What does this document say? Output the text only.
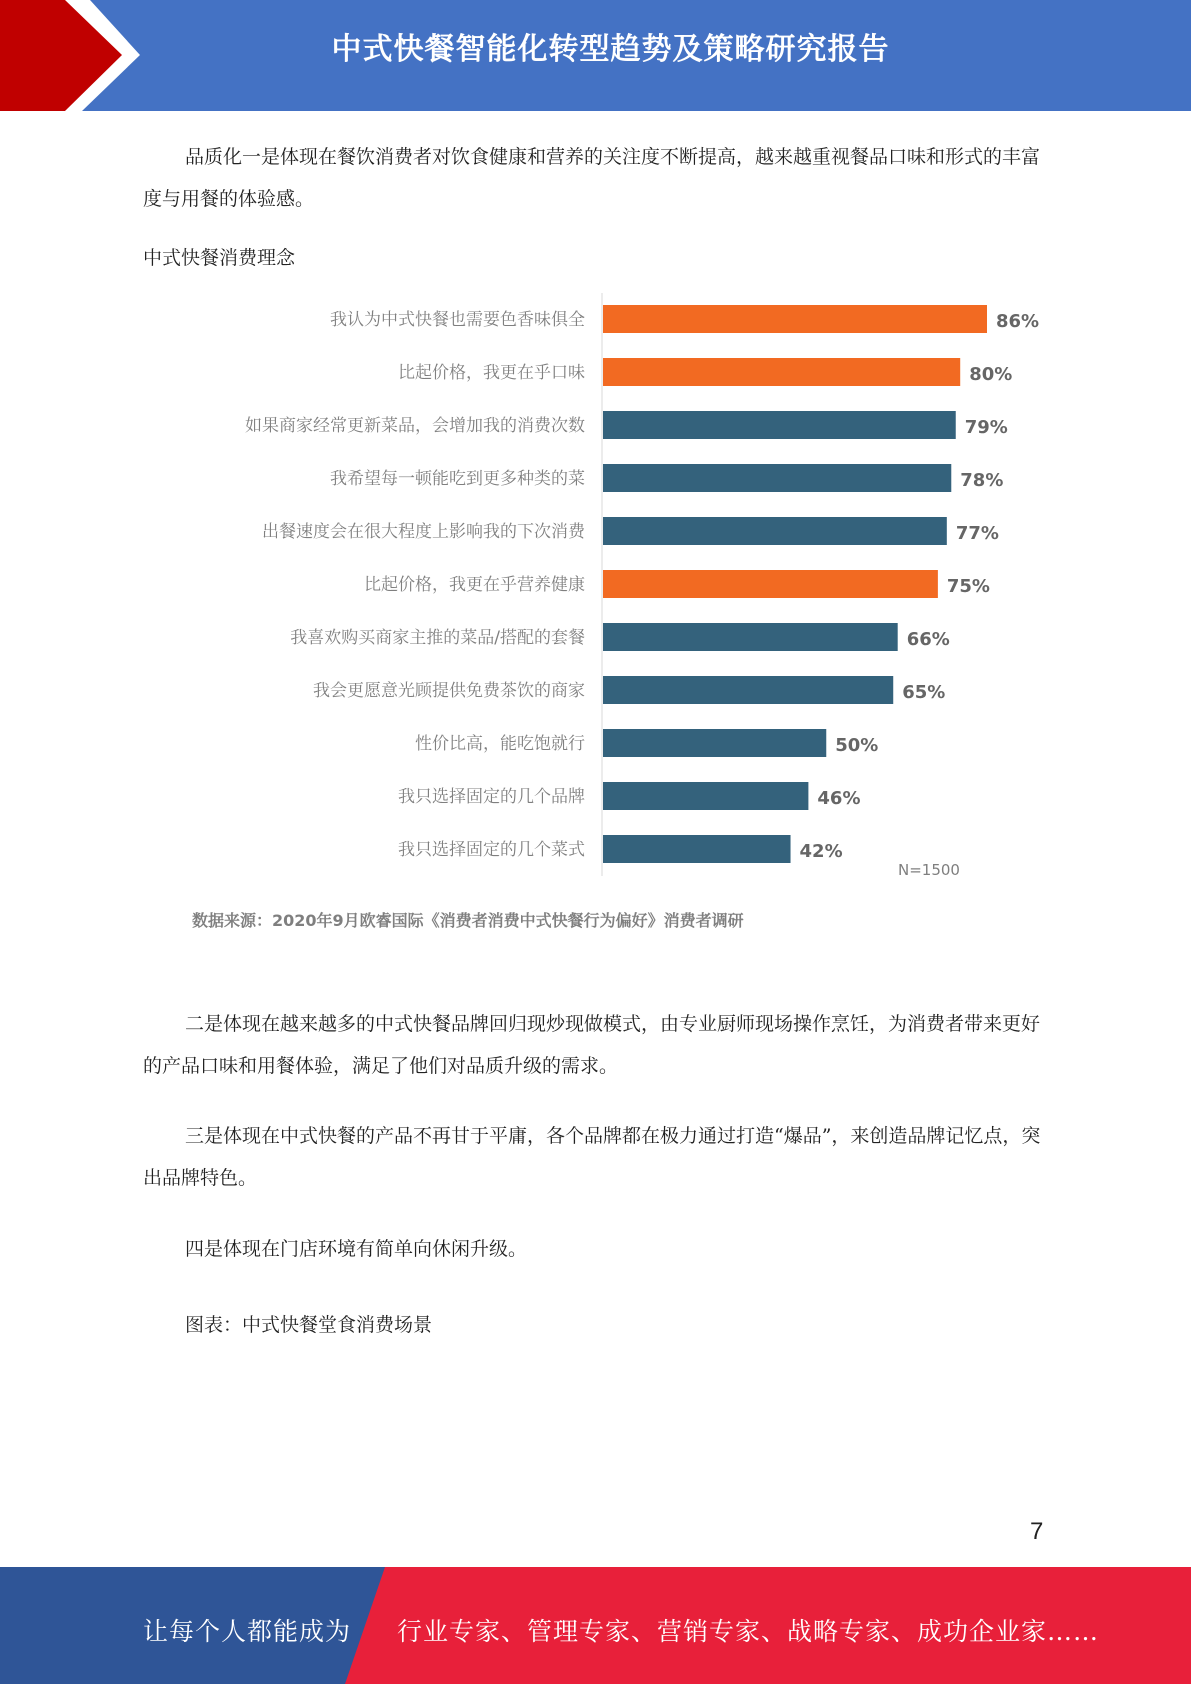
中式快餐智能化转型趋势及策略研究报告

品质化一是体现在餐饮消费者对饮食健康和营养的关注度不断提高，越来越重视餐品口味和形式的丰富度与用餐的体验感。

中式快餐消费理念

我认为中式快餐也需要色香味俱全	86%
比起价格，我更在乎口味	80%
如果商家经常更新菜品，会增加我的消费次数	79%
我希望每一顿能吃到更多种类的菜	78%
出餐速度会在很大程度上影响我的下次消费	77%
比起价格，我更在乎营养健康	75%
我喜欢购买商家主推的菜品/搭配的套餐	66%
我会更愿意光顾提供免费茶饮的商家	65%
性价比高，能吃饱就行	50%
我只选择固定的几个品牌	46%
我只选择固定的几个菜式	42%
N=1500
数据来源：2020年9月欧睿国际《消费者消费中式快餐行为偏好》消费者调研

二是体现在越来越多的中式快餐品牌回归现炒现做模式，由专业厨师现场操作烹饪，为消费者带来更好的产品口味和用餐体验，满足了他们对品质升级的需求。

三是体现在中式快餐的产品不再甘于平庸，各个品牌都在极力通过打造“爆品”，来创造品牌记忆点，突出品牌特色。

四是体现在门店环境有简单向休闲升级。

图表：中式快餐堂食消费场景

7
让每个人都能成为 行业专家、管理专家、营销专家、战略专家、成功企业家……
